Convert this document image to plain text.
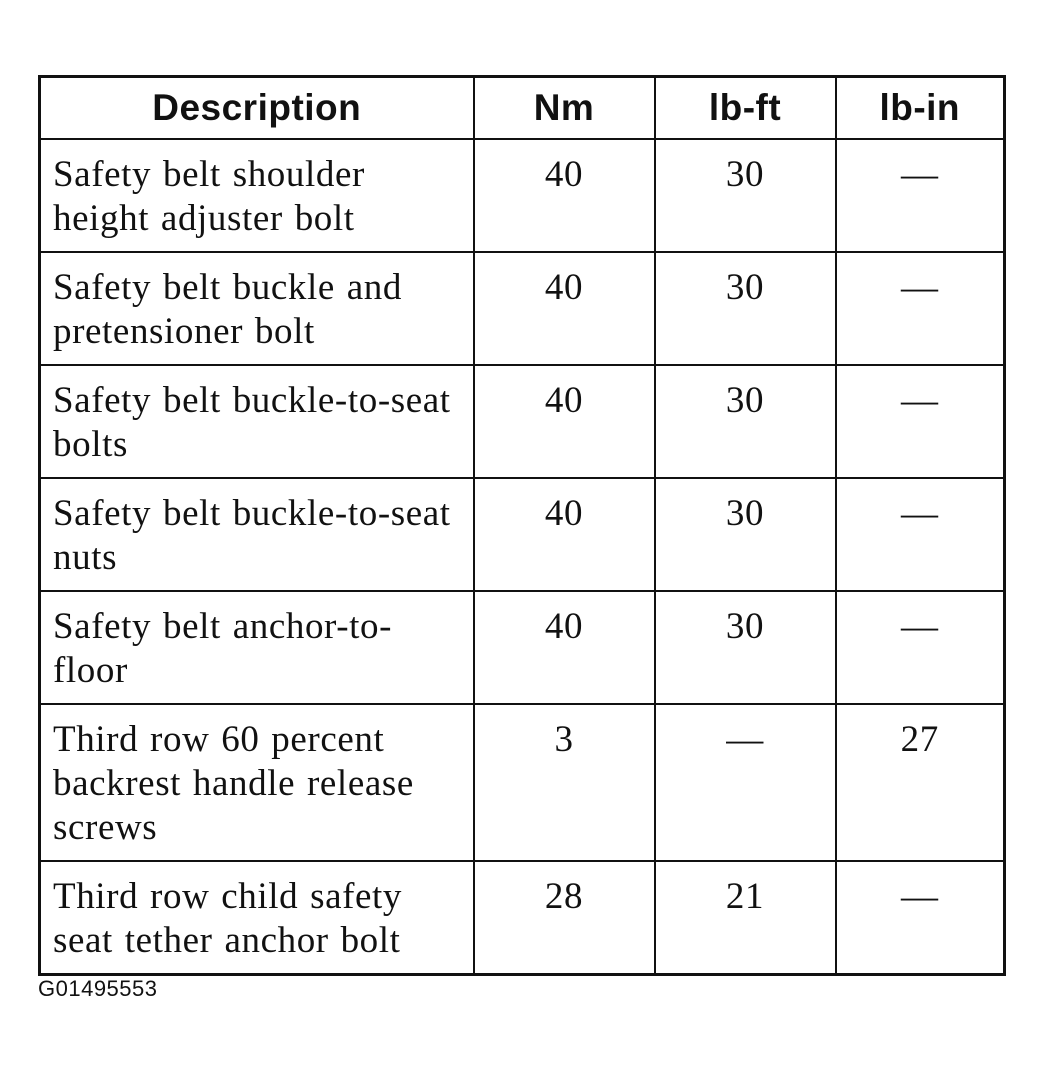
Description	Nm	lb-ft	lb-in
Safety belt shoulder height adjuster bolt	40	30	—
Safety belt buckle and pretensioner bolt	40	30	—
Safety belt buckle-to-seat bolts	40	30	—
Safety belt buckle-to-seat nuts	40	30	—
Safety belt anchor-to-floor	40	30	—
Third row 60 percent backrest handle release screws	3	—	27
Third row child safety seat tether anchor bolt	28	21	—
G01495553
